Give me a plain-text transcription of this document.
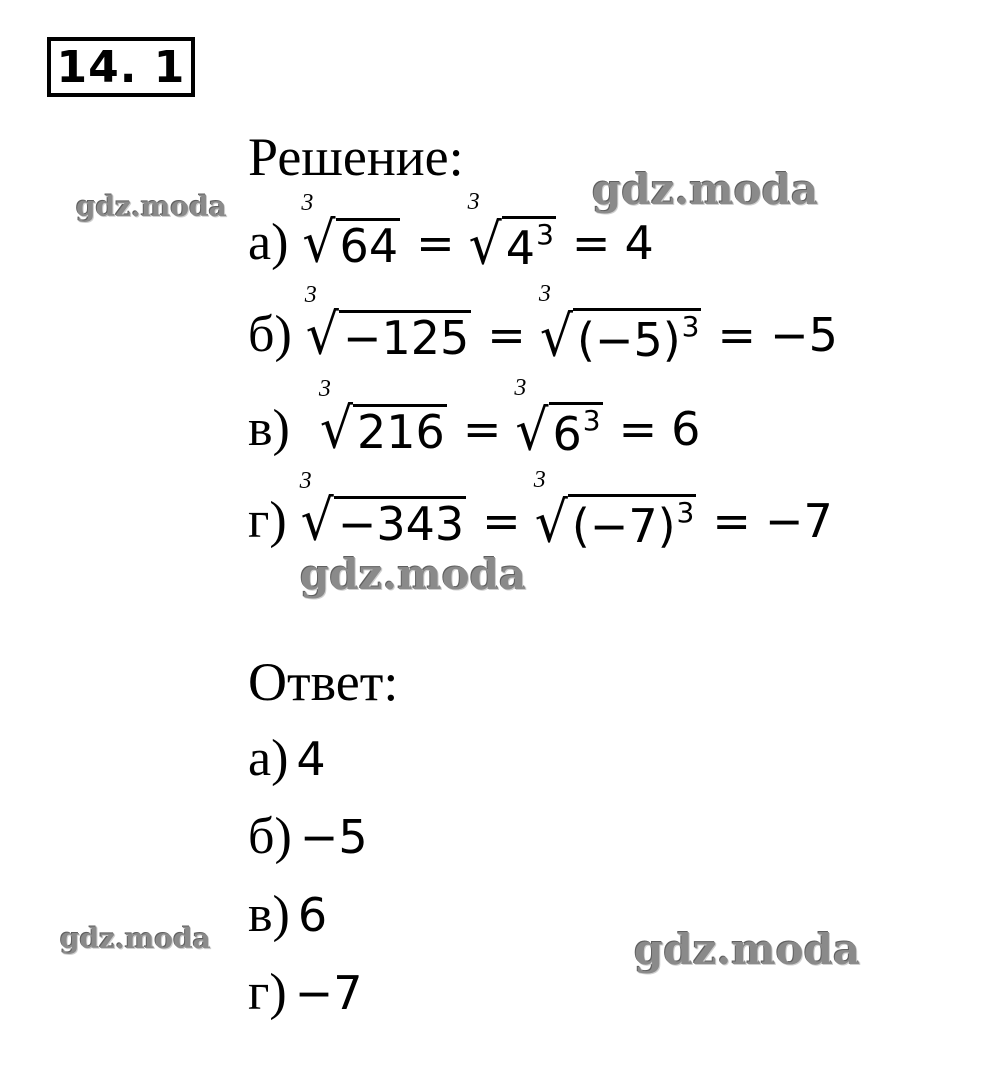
14. 1
Решение:
а)
3
√ 64 =
3
√ $4^3 = 4$
б)
3
√ −125 =
3
√ $(-5)^3 = -5$
в)
3
√ 216 =
3
√ $6^3 = 6$
г)
3
√ −343 =
3
√ $(-7)^3 = -7$
Ответ:
а) 4
б) −5
в) 6
г) −7
gdz.moda	gdz.moda
gdz.moda
gdz.moda	gdz.moda
